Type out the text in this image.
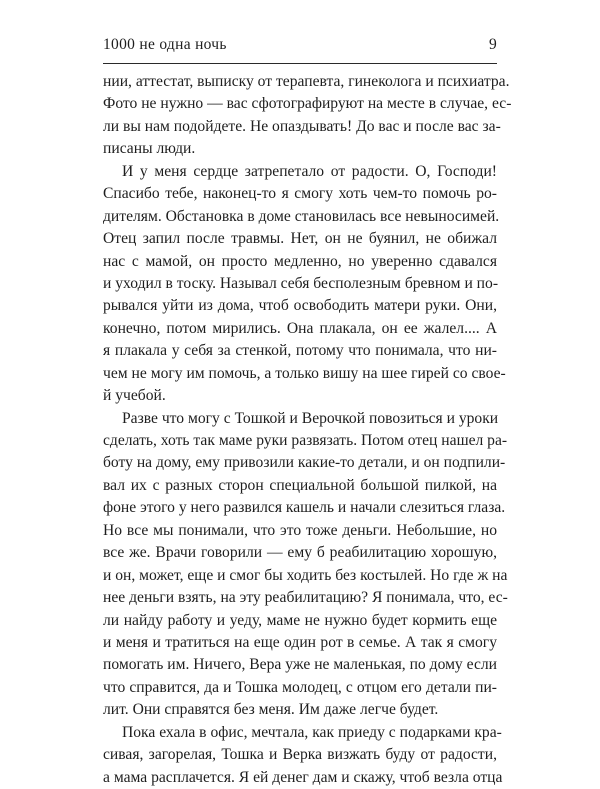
1000 не одна ночь	9
нии, аттестат, выписку от терапевта, гинеколога и психиатра.
Фото не нужно — вас сфотографируют на месте в случае, ес-
ли вы нам подойдете. Не опаздывать! До вас и после вас за-
писаны люди.
И у меня сердце затрепетало от радости. О, Господи!
Спасибо тебе, наконец-то я смогу хоть чем-то помочь ро-
дителям. Обстановка в доме становилась все невыносимей.
Отец запил после травмы. Нет, он не буянил, не обижал
нас с мамой, он просто медленно, но уверенно сдавался
и уходил в тоску. Называл себя бесполезным бревном и по-
рывался уйти из дома, чтоб освободить матери руки. Они,
конечно, потом мирились. Она плакала, он ее жалел.... А
я плакала у себя за стенкой, потому что понимала, что ни-
чем не могу им помочь, а только вишу на шее гирей со свое-
й учебой.
Разве что могу с Тошкой и Верочкой повозиться и уроки
сделать, хоть так маме руки развязать. Потом отец нашел ра-
боту на дому, ему привозили какие-то детали, и он подпили-
вал их с разных сторон специальной большой пилкой, на
фоне этого у него развился кашель и начали слезиться глаза.
Но все мы понимали, что это тоже деньги. Небольшие, но
все же. Врачи говорили — ему б реабилитацию хорошую,
и он, может, еще и смог бы ходить без костылей. Но где ж на
нее деньги взять, на эту реабилитацию? Я понимала, что, ес-
ли найду работу и уеду, маме не нужно будет кормить еще
и меня и тратиться на еще один рот в семье. А так я смогу
помогать им. Ничего, Вера уже не маленькая, по дому если
что справится, да и Тошка молодец, с отцом его детали пи-
лит. Они справятся без меня. Им даже легче будет.
Пока ехала в офис, мечтала, как приеду с подарками кра-
сивая, загорелая, Тошка и Верка визжать буду от радости,
а мама расплачется. Я ей денег дам и скажу, чтоб везла отца
